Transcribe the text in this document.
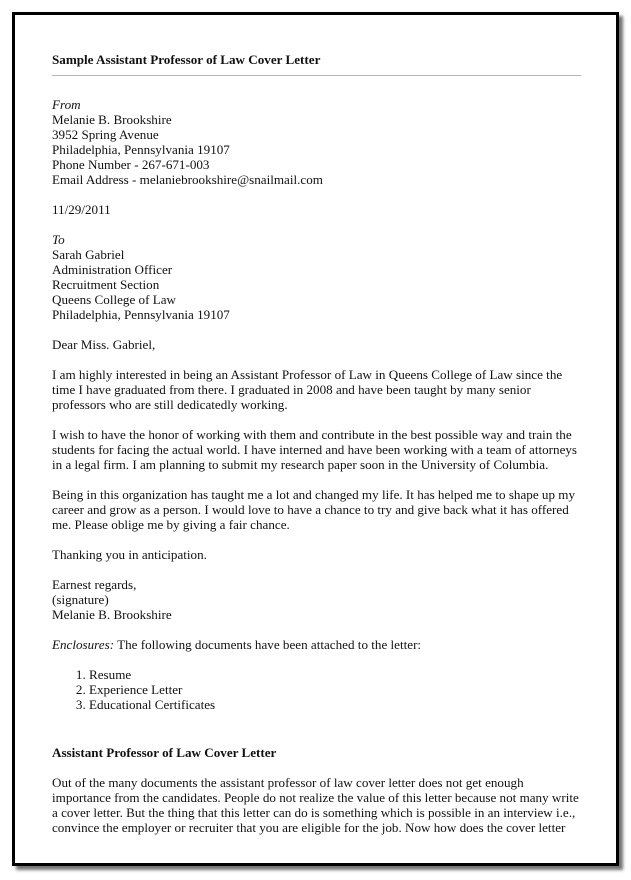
Sample Assistant Professor of Law Cover Letter
From
Melanie B. Brookshire
3952 Spring Avenue
Philadelphia, Pennsylvania 19107
Phone Number - 267-671-003
Email Address - melaniebrookshire@snailmail.com
11/29/2011
To
Sarah Gabriel
Administration Officer
Recruitment Section
Queens College of Law
Philadelphia, Pennsylvania 19107
Dear Miss. Gabriel,

I am highly interested in being an Assistant Professor of Law in Queens College of Law since the time I have graduated from there. I graduated in 2008 and have been taught by many senior professors who are still dedicatedly working.

I wish to have the honor of working with them and contribute in the best possible way and train the students for facing the actual world. I have interned and have been working with a team of attorneys in a legal firm. I am planning to submit my research paper soon in the University of Columbia.

Being in this organization has taught me a lot and changed my life. It has helped me to shape up my career and grow as a person. I would love to have a chance to try and give back what it has offered me. Please oblige me by giving a fair chance.

Thanking you in anticipation.

Earnest regards,
(signature)
Melanie B. Brookshire
Enclosures: The following documents have been attached to the letter:
1. Resume
2. Experience Letter
3. Educational Certificates
Assistant Professor of Law Cover Letter

Out of the many documents the assistant professor of law cover letter does not get enough importance from the candidates. People do not realize the value of this letter because not many write a cover letter. But the thing that this letter can do is something which is possible in an interview i.e., convince the employer or recruiter that you are eligible for the job. Now how does the cover letter
